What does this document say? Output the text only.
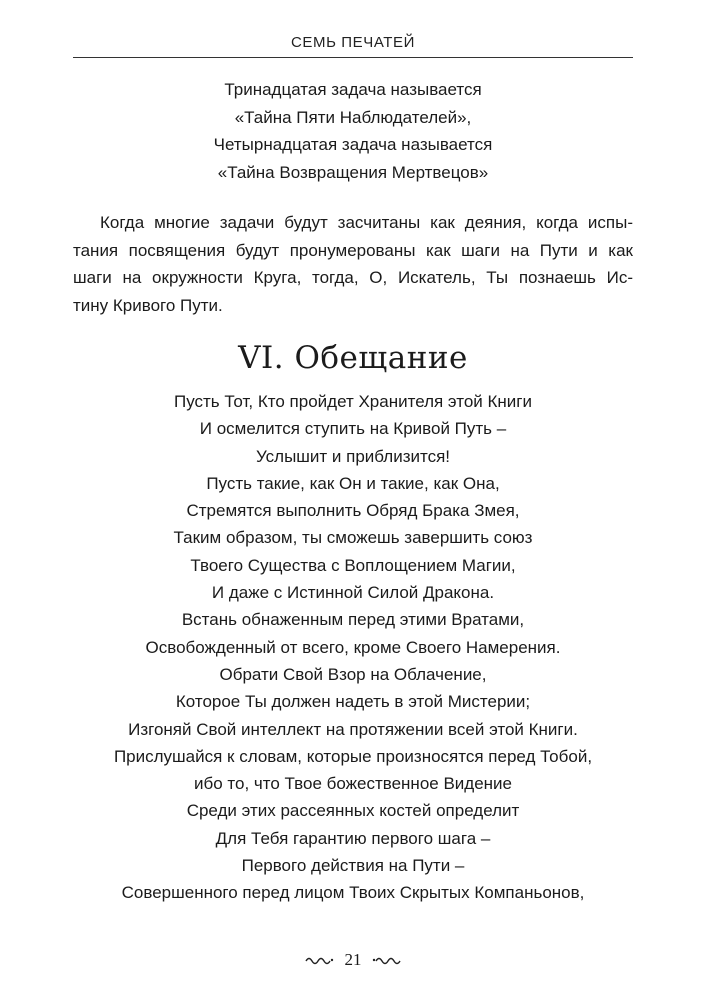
СЕМЬ ПЕЧАТЕЙ
Тринадцатая задача называется
«Тайна Пяти Наблюдателей»,
Четырнадцатая задача называется
«Тайна Возвращения Мертвецов»
Когда многие задачи будут засчитаны как деяния, когда испы-
тания посвящения будут пронумерованы как шаги на Пути и как
шаги на окружности Круга, тогда, О, Искатель, Ты познаешь Ис-
тину Кривого Пути.
VI. Обещание
Пусть Тот, Кто пройдет Хранителя этой Книги
И осмелится ступить на Кривой Путь –
Услышит и приблизится!
Пусть такие, как Он и такие, как Она,
Стремятся выполнить Обряд Брака Змея,
Таким образом, ты сможешь завершить союз
Твоего Существа с Воплощением Магии,
И даже с Истинной Силой Дракона.
Встань обнаженным перед этими Вратами,
Освобожденный от всего, кроме Своего Намерения.
Обрати Свой Взор на Облачение,
Которое Ты должен надеть в этой Мистерии;
Изгоняй Свой интеллект на протяжении всей этой Книги.
Прислушайся к словам, которые произносятся перед Тобой,
ибо то, что Твое божественное Видение
Среди этих рассеянных костей определит
Для Тебя гарантию первого шага –
Первого действия на Пути –
Совершенного перед лицом Твоих Скрытых Компаньонов,
21
